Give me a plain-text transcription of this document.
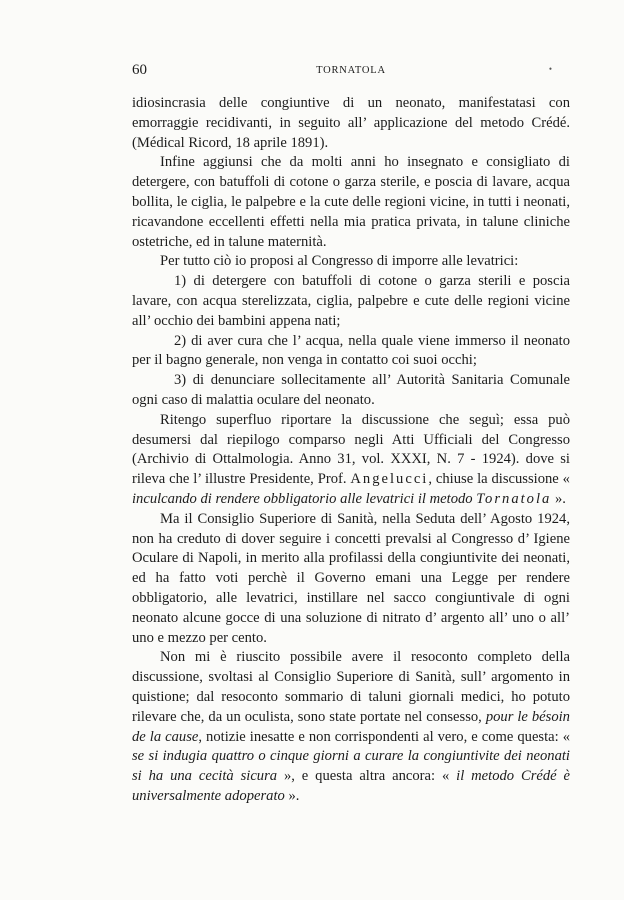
60	TORNATOLA	•

idiosincrasia delle congiuntive di un neonato, manifestatasi con emorraggie recidivanti, in seguito all’ applicazione del metodo Crédé. (Médical Ricord, 18 aprile 1891).

Infine aggiunsi che da molti anni ho insegnato e consigliato di detergere, con batuffoli di cotone o garza sterile, e poscia di lavare, acqua bollita, le ciglia, le palpebre e la cute delle regioni vicine, in tutti i neonati, ricavandone eccellenti effetti nella mia pratica privata, in talune cliniche ostetriche, ed in talune maternità.

Per tutto ciò io proposi al Congresso di imporre alle levatrici:

1) di detergere con batuffoli di cotone o garza sterili e poscia lavare, con acqua sterelizzata, ciglia, palpebre e cute delle regioni vicine all’ occhio dei bambini appena nati;

2) di aver cura che l’ acqua, nella quale viene immerso il neonato per il bagno generale, non venga in contatto coi suoi occhi;

3) di denunciare sollecitamente all’ Autorità Sanitaria Comunale ogni caso di malattia oculare del neonato.

Ritengo superfluo riportare la discussione che seguì; essa può desumersi dal riepilogo comparso negli Atti Ufficiali del Congresso (Archivio di Ottalmologia. Anno 31, vol. XXXI, N. 7 - 1924). dove si rileva che l’ illustre Presidente, Prof. Angelucci, chiuse la discussione « inculcando di rendere obbligatorio alle levatrici il metodo Tornatola ».

Ma il Consiglio Superiore di Sanità, nella Seduta dell’ Agosto 1924, non ha creduto di dover seguire i concetti prevalsi al Congresso d’ Igiene Oculare di Napoli, in merito alla profilassi della congiuntivite dei neonati, ed ha fatto voti perchè il Governo emani una Legge per rendere obbligatorio, alle levatrici, instillare nel sacco congiuntivale di ogni neonato alcune gocce di una soluzione di nitrato d’ argento all’ uno o all’ uno e mezzo per cento.

Non mi è riuscito possibile avere il resoconto completo della discussione, svoltasi al Consiglio Superiore di Sanità, sull’ argomento in quistione; dal resoconto sommario di taluni giornali medici, ho potuto rilevare che, da un oculista, sono state portate nel consesso, pour le bésoin de la cause, notizie inesatte e non corrispondenti al vero, e come questa: « se si indugia quattro o cinque giorni a curare la congiuntivite dei neonati si ha una cecità sicura », e questa altra ancora: « il metodo Crédé è universalmente adoperato ».
